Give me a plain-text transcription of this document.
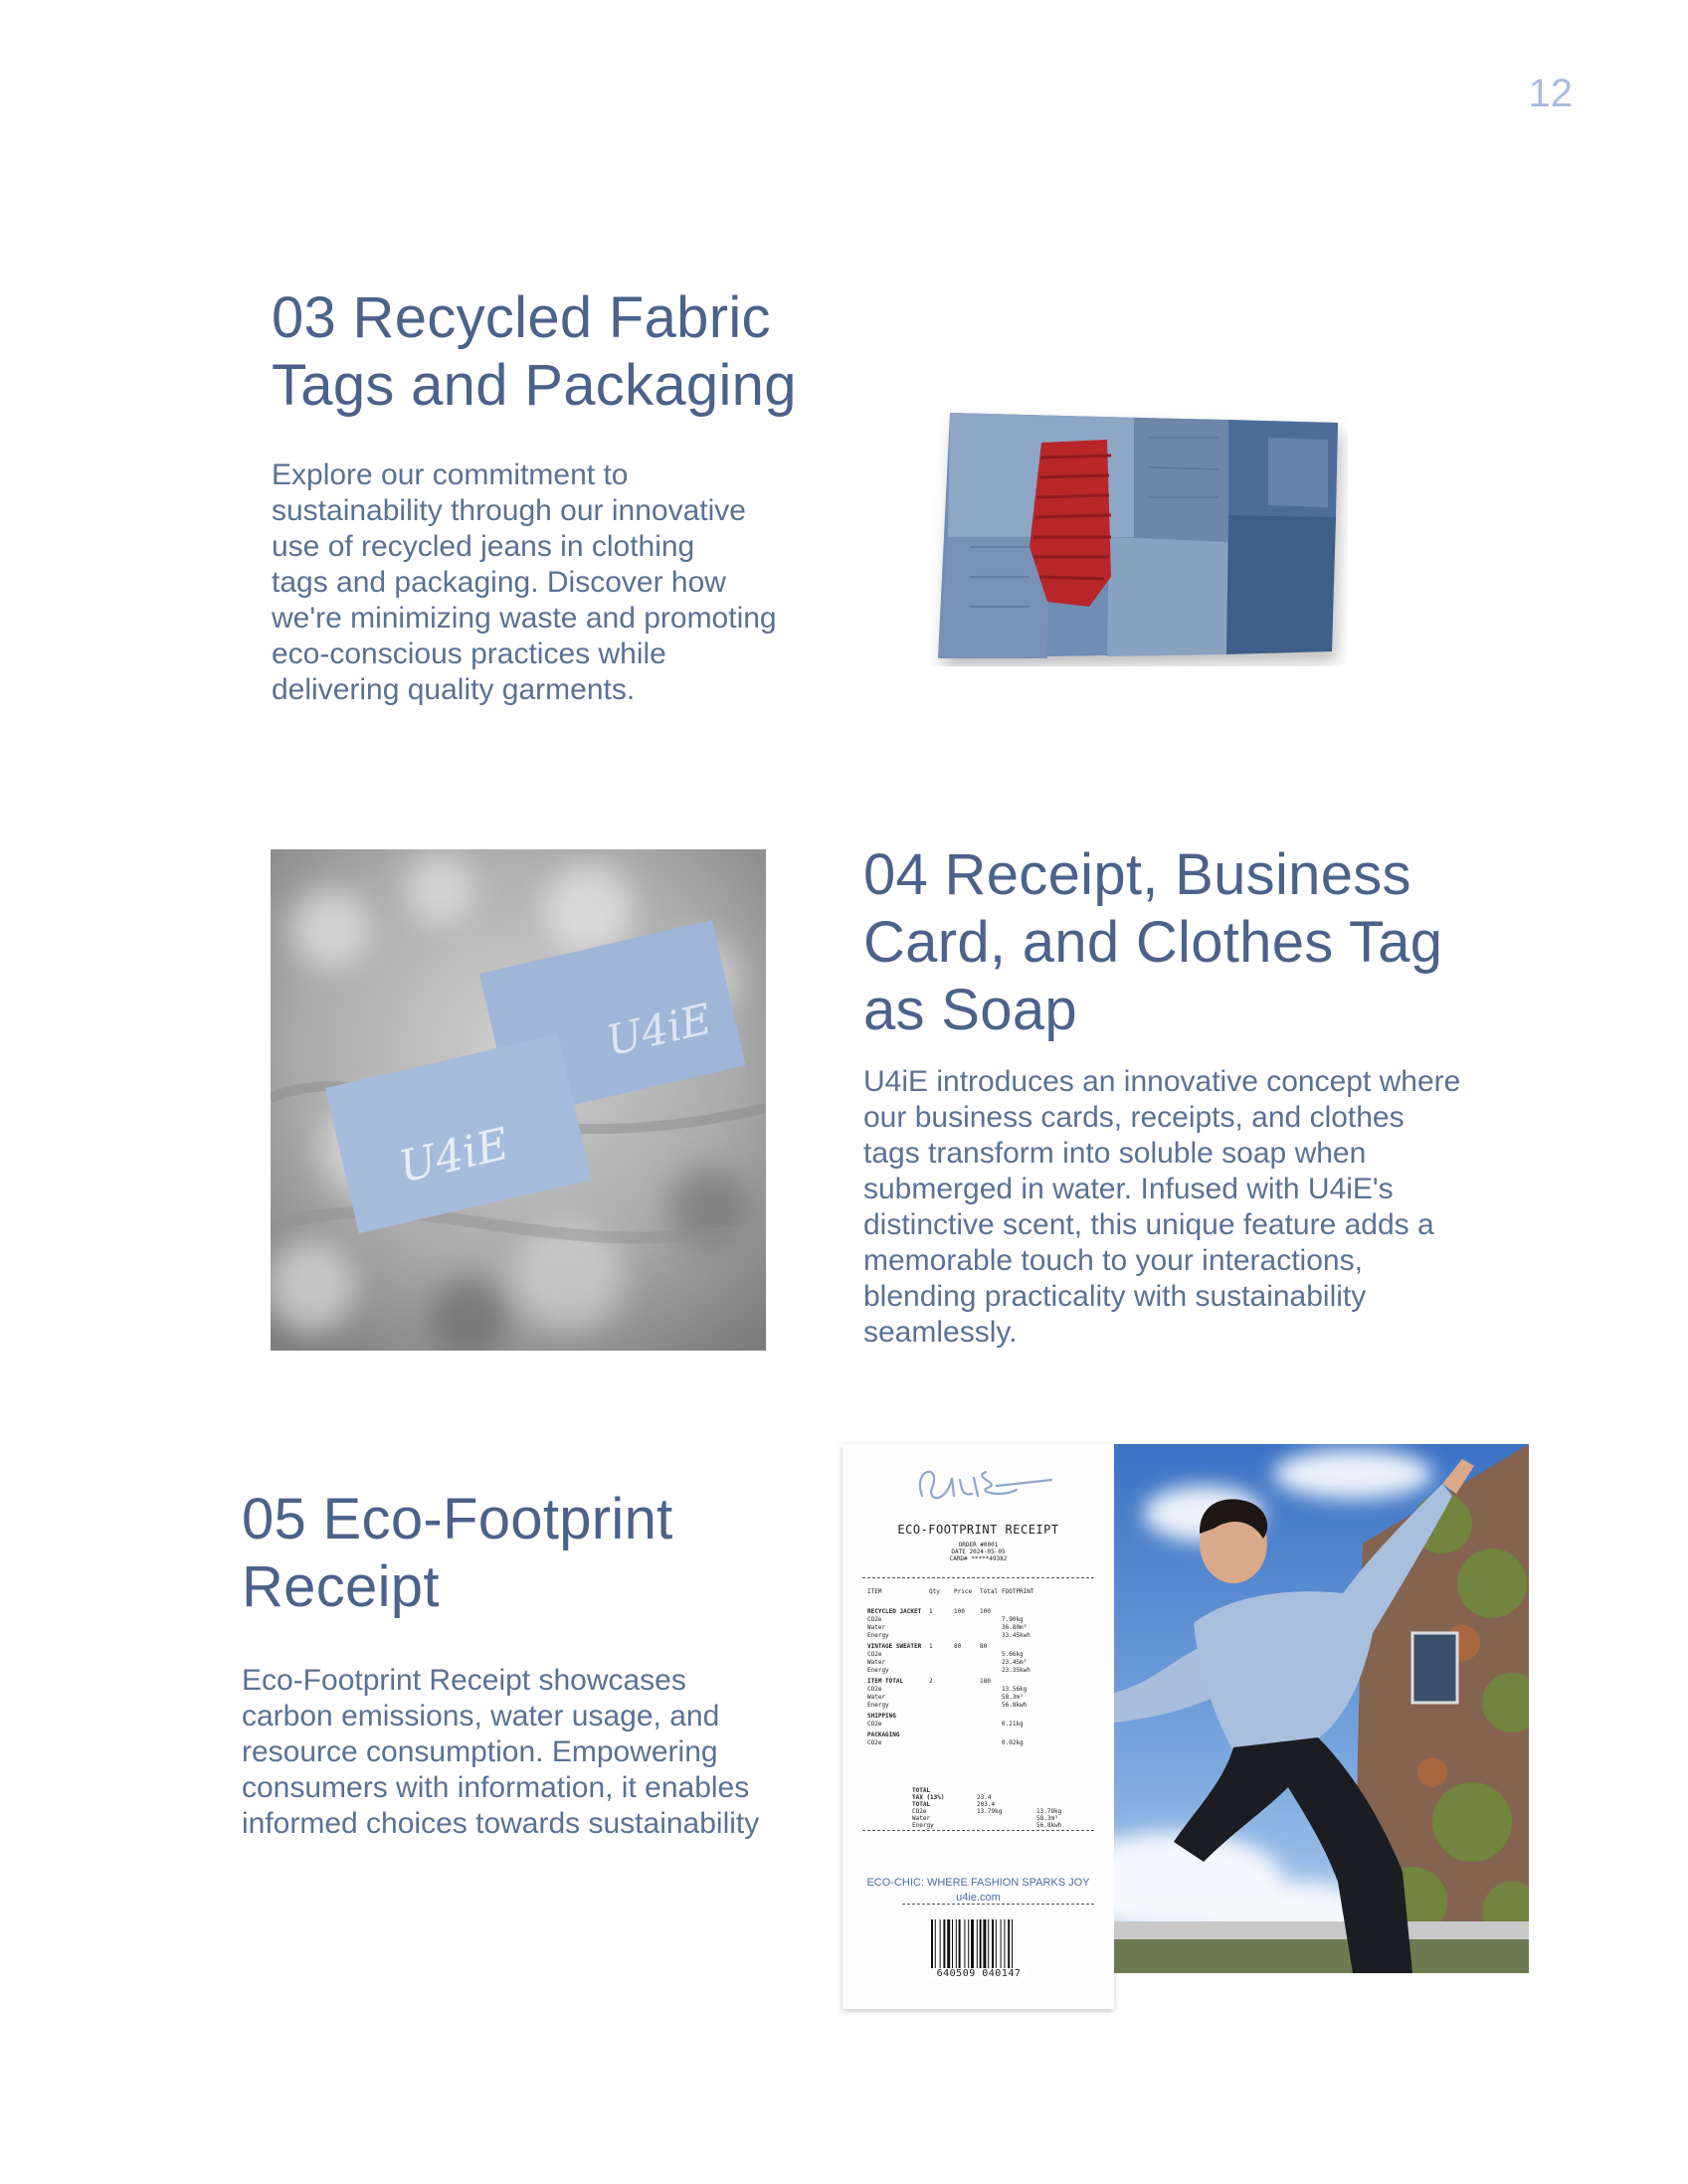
12
03 Recycled Fabric
Tags and Packaging
Explore our commitment to
sustainability through our innovative
use of recycled jeans in clothing
tags and packaging. Discover how
we're minimizing waste and promoting
eco-conscious practices while
delivering quality garments.
U4iE
U4iE
04 Receipt, Business
Card, and Clothes Tag
as Soap
U4iE introduces an innovative concept where
our business cards, receipts, and clothes
tags transform into soluble soap when
submerged in water. Infused with U4iE's
distinctive scent, this unique feature adds a
memorable touch to your interactions,
blending practicality with sustainability
seamlessly.
05 Eco-Footprint
Receipt
Eco-Footprint Receipt showcases
carbon emissions, water usage, and
resource consumption. Empowering
consumers with information, it enables
informed choices towards sustainability
ECO-FOOTPRINT RECEIPT
ORDER #0001
DATE 2024-05-05
CARD# *****49382
ITEM	Qty Price Total FOOTPRINT
RECYCLED JACKET 1	100	100
CO2e	7.90kg
Water	36.80m³
Energy	33.45kwh
VINTAGE SWEATER 1	80	80
CO2e	5.66kg
Water	23.45m³
Energy	23.35kwh
ITEM TOTAL	2	180
CO2e	13.56kg
Water	58.3m³
Energy	56.8kwh
SHIPPING
CO2e	0.21kg
PACKAGING
CO2e	0.02kg
TOTAL
TAX (13%)	23.4
TOTAL	203.4
CO2e	13.79kg	13.79kg
Water	58.3m³
Energy	56.8kwh
ECO-CHIC: WHERE FASHION SPARKS JOY
u4ie.com
640509 040147
